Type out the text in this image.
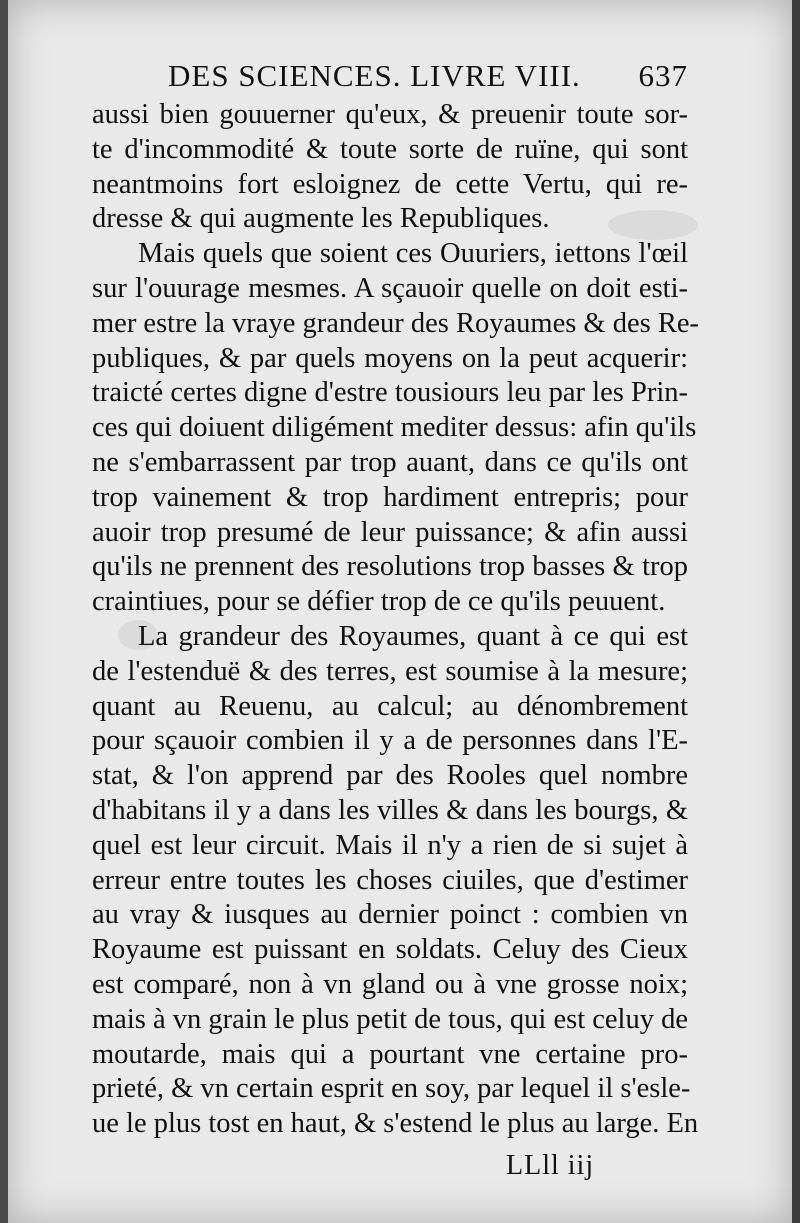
DES SCIENCES. LIVRE VIII. 637
aussi bien gouuerner qu'eux, & preuenir toute sor-
te d'incommodité & toute sorte de ruïne, qui sont
neantmoins fort esloignez de cette Vertu, qui re-
dresse & qui augmente les Republiques.
Mais quels que soient ces Ouuriers, iettons l'œil
sur l'ouurage mesmes. A sçauoir quelle on doit esti-
mer estre la vraye grandeur des Royaumes & des Re-
publiques, & par quels moyens on la peut acquerir:
traicté certes digne d'estre tousiours leu par les Prin-
ces qui doiuent diligément mediter dessus: afin qu'ils
ne s'embarrassent par trop auant, dans ce qu'ils ont
trop vainement & trop hardiment entrepris; pour
auoir trop presumé de leur puissance; & afin aussi
qu'ils ne prennent des resolutions trop basses & trop
craintiues, pour se défier trop de ce qu'ils peuuent.
La grandeur des Royaumes, quant à ce qui est
de l'estenduë & des terres, est soumise à la mesure;
quant au Reuenu, au calcul; au dénombrement
pour sçauoir combien il y a de personnes dans l'E-
stat, & l'on apprend par des Rooles quel nombre
d'habitans il y a dans les villes & dans les bourgs, &
quel est leur circuit. Mais il n'y a rien de si sujet à
erreur entre toutes les choses ciuiles, que d'estimer
au vray & iusques au dernier poinct : combien vn
Royaume est puissant en soldats. Celuy des Cieux
est comparé, non à vn gland ou à vne grosse noix;
mais à vn grain le plus petit de tous, qui est celuy de
moutarde, mais qui a pourtant vne certaine pro-
prieté, & vn certain esprit en soy, par lequel il s'esle-
ue le plus tost en haut, & s'estend le plus au large. En
LLll iij
